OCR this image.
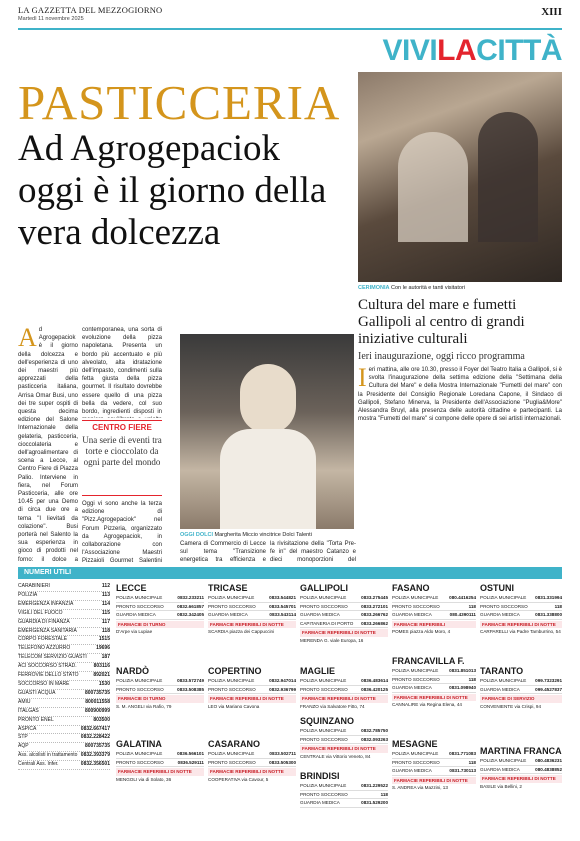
LA GAZZETTA DEL MEZZOGIORNO
Martedì 11 novembre 2025
XIII
VIVILACITTÀ
PASTICCERIA
Ad Agrogepaciok oggi è il giorno della vera dolcezza
CERIMONIA Con le autorità e tanti visitatori
Cultura del mare e fumetti Gallipoli al centro di grandi iniziative culturali
Ieri inaugurazione, oggi ricco programma
Ieri mattina, alle ore 10.30, presso il Foyer del Teatro Italia a Gallipoli, si è svolta l'inaugurazione della settima edizione della "Settimana della Cultura del Mare" e della Mostra Internazionale "Fumetti del mare" con la Presidente del Consiglio Regionale Loredana Capone, il Sindaco di Gallipoli, Stefano Minerva, la Presidente dell'Associazione "Puglia&More" Alessandra Bruyl, alla presenza delle autorità cittadine e partecipanti. La mostra "Fumetti del mare" si compone delle opere di sei artisti internazionali.
Ad Agrogepaciok è il giorno della dolcezza e dell'esperienza di uno dei maestri più apprezzati della pasticceria italiana, Arrisa Omar Busi, uno dei tre super ospiti di questa decima edizione del Salone Internazionale della gelateria, pasticceria, cioccolateria e dell'agroalimentare di scena a Lecce, al Centro Fiere di Piazza Palio. Interviene in fiera, nel Forum Pasticceria, alle ore 10.45 per una Demo di circa due ore a tema "I lievitati da colazione". Busi porterà nel Salento la sua esperienza in gioco di prodotti nel forno: il dolce a
Oggi vi sono anche la terza edizione di "Pizz.Agrogepaciok" nel Forum Pizzeria, organizzato da Agrogepaciok, in collaborazione con l'Associazione Maestri Pizzaioli Gourmet Salentini
contemporanea, una sorta di evoluzione della pizza napoletana. Presenta un bordo più accentuato e più alveolato, alta idratazione dell'impasto, condimenti sulla fetta giusta della pizza gourmet. Il risultato dovrebbe essere quello di una pizza bella da vedere, col suo bordo, ingredienti disposti in
CENTRO FIERE
Una serie di eventi tra torte e cioccolato da ogni parte del mondo
OGGI DOLCI Margherita Miccio vincitrice Dolci Talenti
Camera di Commercio di Lecce sul tema "Transizione energetica tra efficienza e
la rivisitazione della "Torta Pre-fe in" del maestro Catanzo e dieci monoporzioni del
NUMERI UTILI
CARABINIERI	112
POLIZIA	113
EMERGENZA INFANZIA	114
VIGILI DEL FUOCO	115
GUARDIA DI FINANZA	117
EMERGENZA SANITARIA	118
CORPO FORESTALE	1515
TELEFONO AZZURRO	19696
TELECOM SERVIZIO GUASTI	187
ACI SOCCORSO STRAD.	803116
FERROVIE DELLO STATO	892021
SOCCORSO IN MARE	1530
GUASTI ACQUA	800735735
AMIU	800011558
ITALGAS	800900999
PRONTO ENEL	803500
ASPICA	0832.667417
STP	0832.228422
AQP	800735735
Ass. alcolisti in trattamento 0832.393379
Centrali Ass. Infer.	0832.356501
LECCE
POLIZIA MUNICIPALE	0832.233211
PRONTO SOCCORSO	0832.661857
GUARDIA MEDICA	0832.342405
FARMACIE DI TURNO
D'Arpe via Lupiae
NARDÒ
POLIZIA MUNICIPALE	0833.572749
PRONTO SOCCORSO	0833.508385
FARMACIE DI TURNO
S. M. ANGELI via Rafio, 79
GALATINA
POLIZIA MUNICIPALE	0836.566101
PRONTO SOCCORSO	0836.529111
FARMACIE REPERIBILI DI NOTTE
MENGOLI via di Solato, 36
TRICASE
POLIZIA MUNICIPALE	0833.544821
PRONTO SOCCORSO	0833.545701
GUARDIA MEDICA	0833.543114
FARMACIE REPERIBILI DI NOTTE
SCARDIA piazza dei Cappuccini
COPERTINO
POLIZIA MUNICIPALE	0832.947014
PRONTO SOCCORSO	0832.936799
FARMACIE REPERIBILI DI NOTTE
LEO via Mariano Cavona
CASARANO
POLIZIA MUNICIPALE	0833.502711
PRONTO SOCCORSO	0833.505300
FARMACIE REPERIBILI DI NOTTE
COOPERATIVA via Cavour, 5
GALLIPOLI
POLIZIA MUNICIPALE	0833.275445
PRONTO SOCCORSO	0833.272101
GUARDIA MEDICA	0833.266762
CAPITANERIA DI PORTO 0833.266862
FARMACIE REPERIBILI DI NOTTE
MERENDA G. viale Europa, 16
MAGLIE
POLIZIA MUNICIPALE	0836.483614
PRONTO SOCCORSO	0836.420125
FARMACIE REPERIBILI DI NOTTE
FRANZO via Salvatore Fitto, 74
SQUINZANO
POLIZIA MUNICIPALE	0832.785750
PRONTO SOCCORSO	0832.093263
FARMACIE REPERIBILI DI NOTTE
CENTRALE via Vittorio Veneto, 84
BRINDISI
POLIZIA MUNICIPALE	0831.229522
PRONTO SOCCORSO	118
GUARDIA MEDICA	0831.529200
FASANO
POLIZIA MUNICIPALE 080.4416254
PRONTO SOCCORSO	118
GUARDIA MEDICA	080.4390111
FARMACIE REPERIBILI
POMES piazza Aldo Moro, 4
FRANCAVILLA F.
POLIZIA MUNICIPALE 0831.851013
PRONTO SOCCORSO	118
GUARDIA MEDICA	0831.098940
FARMACIE REPERIBILI DI NOTTE
CANNALIRE via Regina Elena, 44
MESAGNE
POLIZIA MUNICIPALE 0831.771083
PRONTO SOCCORSO	118
GUARDIA MEDICA	0831.730113
FARMACIE REPERIBILI DI NOTTE
S. ANDREA via Mazzini, 13
OSTUNI
POLIZIA MUNICIPALE 0831.331994
PRONTO SOCCORSO	118
GUARDIA MEDICA	0831.338800
FARMACIE REPERIBILI DI NOTTE
CARPARELLI via Padre Tamburrino, 54
TARANTO
POLIZIA MUNICIPALE 099.7323291
GUARDIA MEDICA	099.4527837
FARMACIE DI SERVIZIO
CONVENIENTE via Crispi, 94
MARTINA FRANCA
POLIZIA MUNICIPALE 080.4836231
GUARDIA MEDICA	080.4838852
FARMACIE REPERIBILI DI NOTTE
BASILE via Bellini, 2
